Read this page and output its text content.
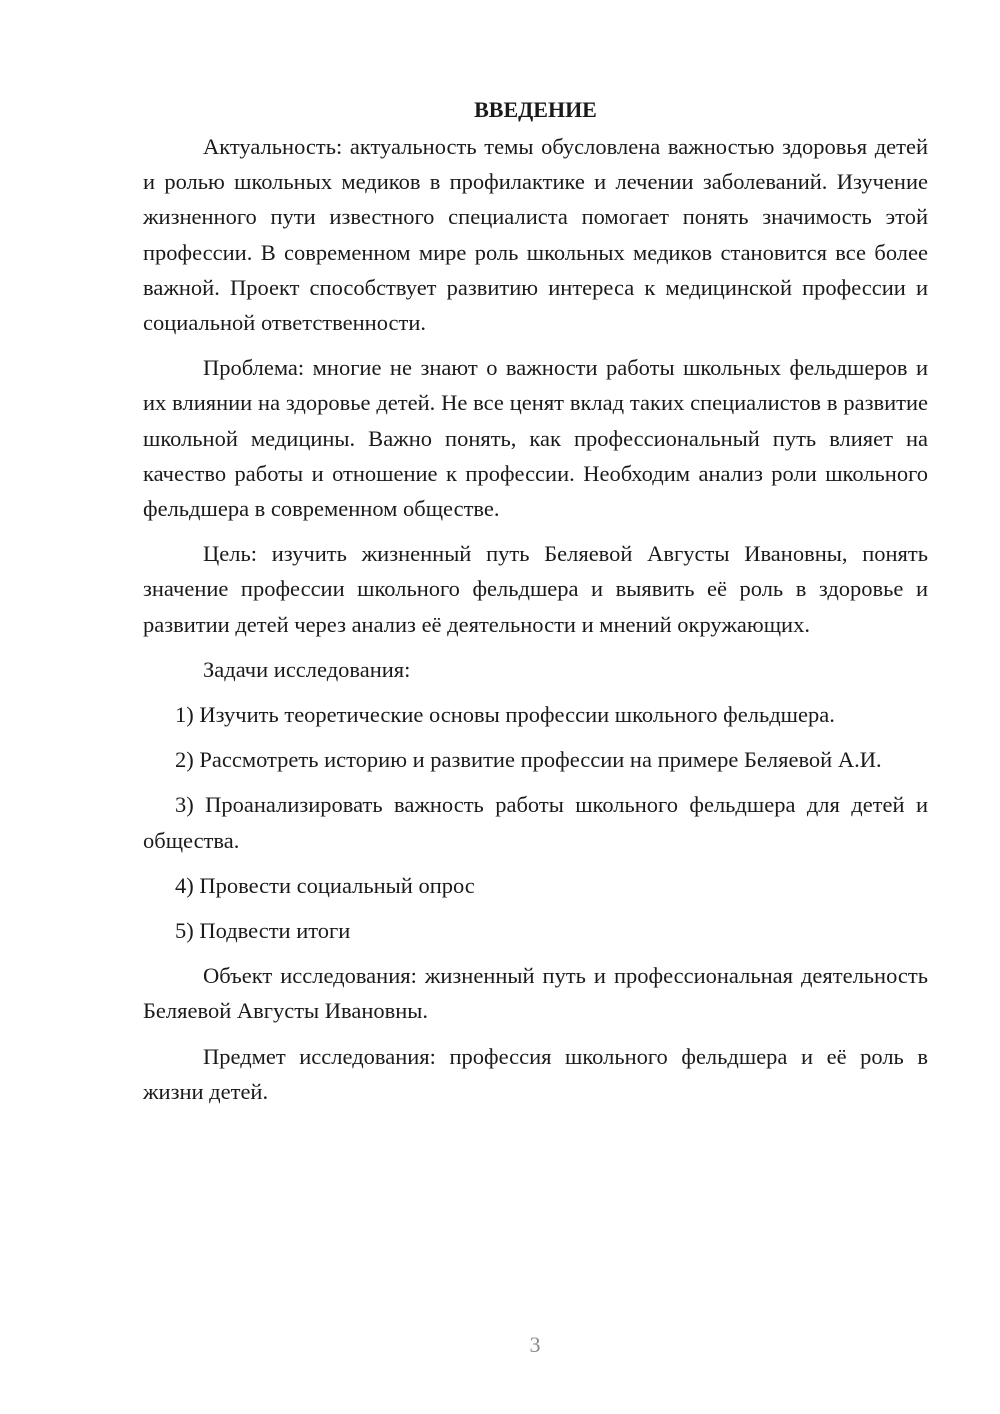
ВВЕДЕНИЕ

Актуальность: актуальность темы обусловлена важностью здоровья детей и ролью школьных медиков в профилактике и лечении заболеваний. Изучение жизненного пути известного специалиста помогает понять значимость этой профессии. В современном мире роль школьных медиков становится все более важной. Проект способствует развитию интереса к медицинской профессии и социальной ответственности.

Проблема: многие не знают о важности работы школьных фельдшеров и их влиянии на здоровье детей. Не все ценят вклад таких специалистов в развитие школьной медицины. Важно понять, как профессиональный путь влияет на качество работы и отношение к профессии. Необходим анализ роли школьного фельдшера в современном обществе.

Цель: изучить жизненный путь Беляевой Августы Ивановны, понять значение профессии школьного фельдшера и выявить её роль в здоровье и развитии детей через анализ её деятельности и мнений окружающих.

Задачи исследования:

1) Изучить теоретические основы профессии школьного фельдшера.

2) Рассмотреть историю и развитие профессии на примере Беляевой А.И.

3) Проанализировать важность работы школьного фельдшера для детей и общества.

4) Провести социальный опрос

5) Подвести итоги

Объект исследования: жизненный путь и профессиональная деятельность Беляевой Августы Ивановны.

Предмет исследования: профессия школьного фельдшера и её роль в жизни детей.

3
